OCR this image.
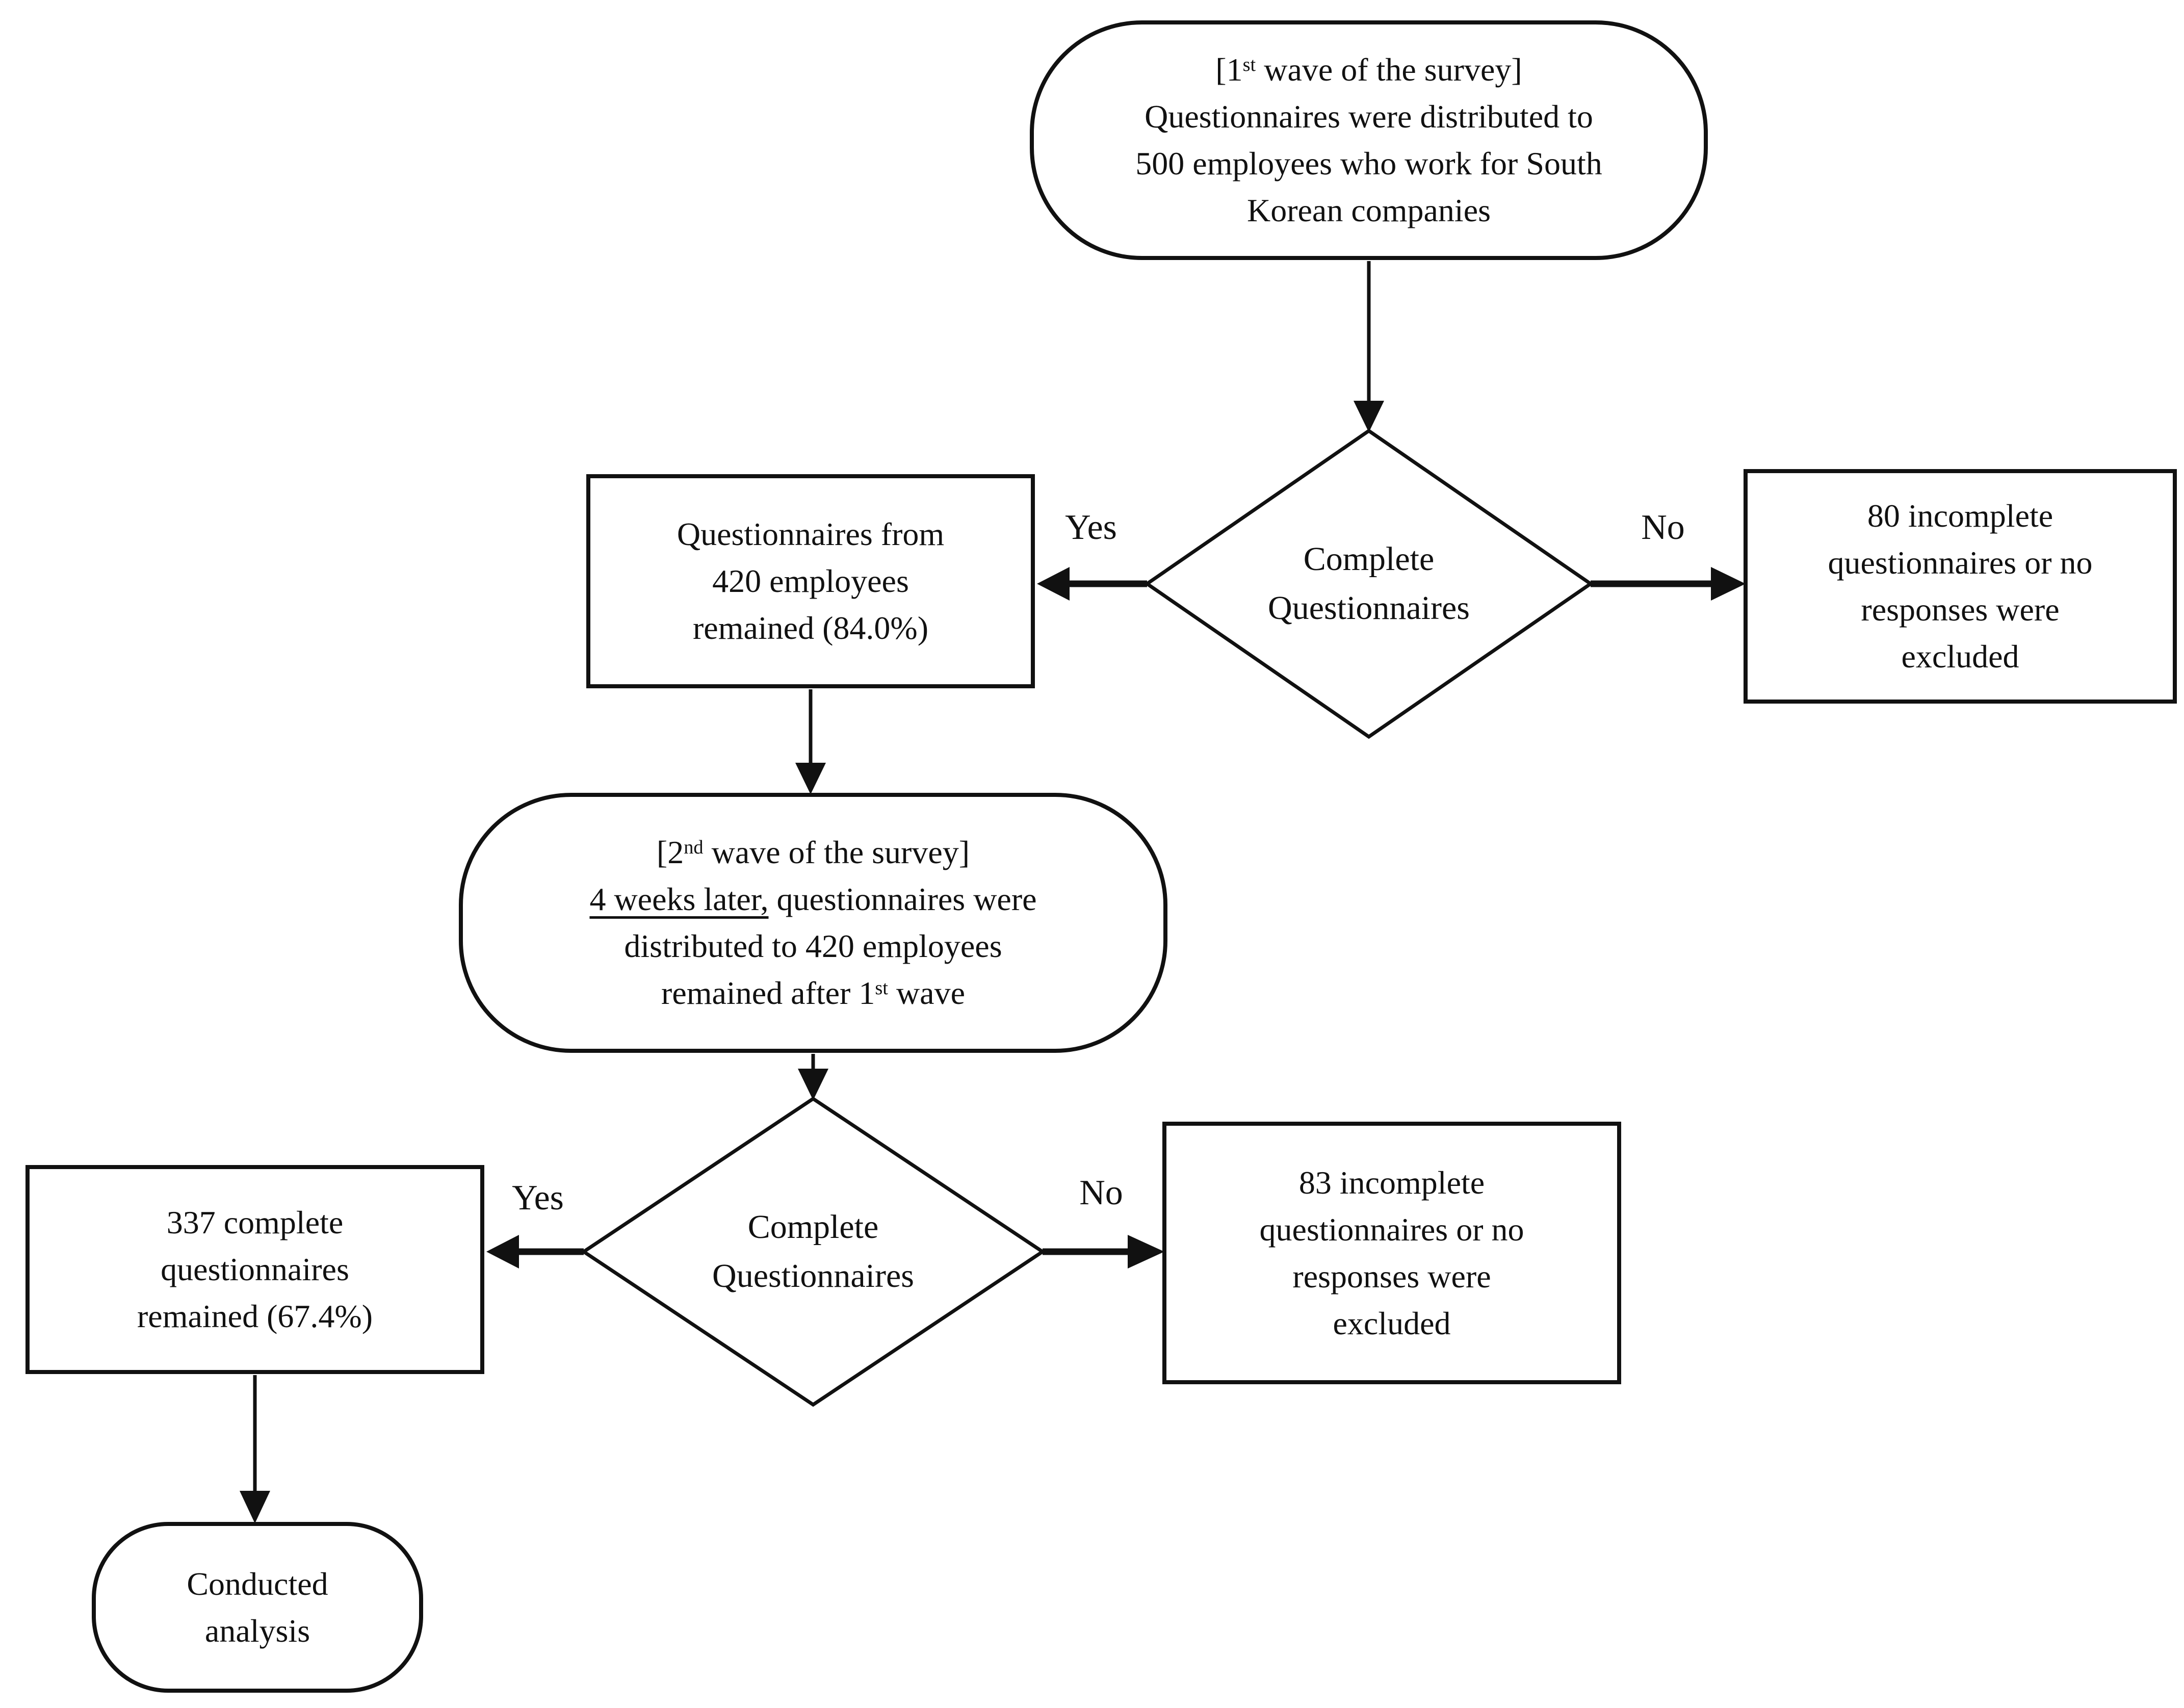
[1st wave of the survey]
Questionnaires were distributed to
500 employees who work for South
Korean companies
Complete
Questionnaires
Questionnaires from
420 employees
remained (84.0%)
80 incomplete
questionnaires or no
responses were
excluded
Yes	No
[2nd wave of the survey]
4 weeks later, questionnaires were
distributed to 420 employees
remained after 1st wave
Complete
Questionnaires
337 complete
questionnaires
remained (67.4%)
83 incomplete
questionnaires or no
responses were
excluded
Yes	No
Conducted
analysis
